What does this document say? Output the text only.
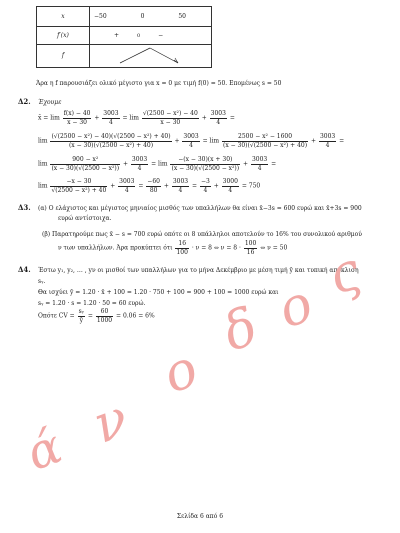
x	−50 0 50
f′(x)	+ 0 −
f	
Άρα η f παρουσιάζει ολικό μέγιστο για x = 0 με τιμή f(0) = 50. Επομένως s = 50
Δ2. Έχουμε
x̄ = $\lim \frac{f(x) - 40}{x - 30} + \frac{3003}{4} = \lim \frac{\text{√(2500 − x²) − 40}}{x - 30} + \frac{3003}{4}$ =
$\lim \frac{\text{(√(2500 − x²) − 40)(√(2500 − x²) + 40)}}{\text{(x − 30)(√(2500 − x²) + 40)}} + \frac{3003}{4} = \lim \frac{\text{2500 − x² − 1600}}{\text{(x − 30)(√(2500 − x²) + 40)}} + \frac{3003}{4}$ =
$\lim \frac{\text{900 − x²}}{\text{(x − 30)(√(2500 − x²))}} + \frac{3003}{4} = \lim \frac{-(x - 30)(x + 30)}{\text{(x − 30)(√(2500 − x²))}} + \frac{3003}{4}$ =
$\lim \frac{-x - 30}{\text{√(2500 − x²) + 40}} + \frac{3003}{4} = \frac{-60}{80} + \frac{3003}{4} = \frac{-3}{4} + \frac{3000}{4} = 750$
Δ3. (α) Ο ελάχιστος και μέγιστος μηνιαίος μισθός των υπαλλήλων θα είναι x̄−3s = 600 ευρώ και x̄+3s = 900
ευρώ αντίστοιχα.
(β) Παρατηρούμε πως x̄ − s = 700 ευρώ οπότε οι 8 υπάλληλοι αποτελούν το 16% του συνολικού αριθμού
ν των υπαλλήλων. Άρα προκύπτει ότι $\frac{16}{100} \cdot \nu = 8$ ⇔ $\nu = 8 \cdot \frac{100}{16}$ ⇔ ν = 50
Δ4. Έστω y₁, y₂, … , yν οι μισθοί των υπαλλήλων για το μήνα Δεκέμβριο με μέση τιμή ȳ και τυπική απόκλιση
sᵧ.
Θα ισχύει ȳ = 1.20 · x̄ + 100 = 1.20 · 750 + 100 = 900 + 100 = 1000 ευρώ και
sᵧ = 1.20 · s = 1.20 · 50 = 60 ευρώ.
Οπότε CV = $\frac{\text{sᵧ}}{ȳ} = \frac{60}{1000} = 0.06 = 6\%$
ά ν
ο
δ ο ς
Σελίδα 6 από 6
